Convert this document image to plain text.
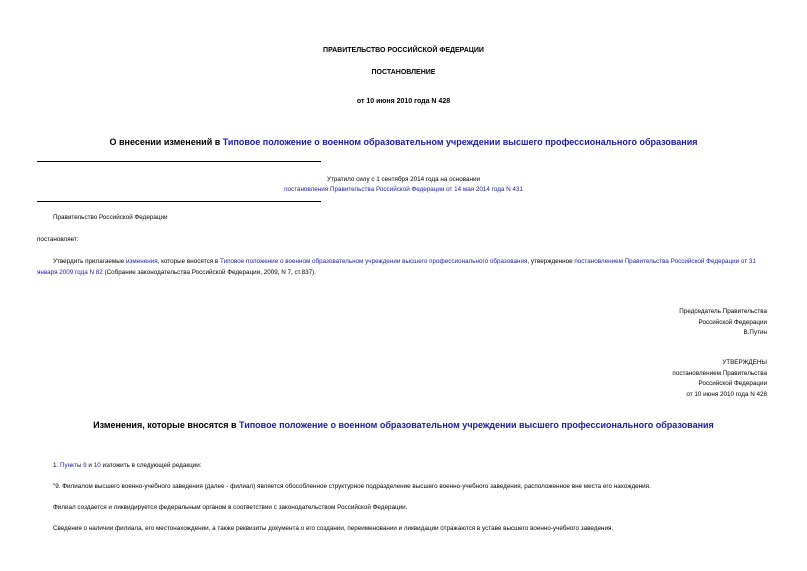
ПРАВИТЕЛЬСТВО РОССИЙСКОЙ ФЕДЕРАЦИИ
ПОСТАНОВЛЕНИЕ
от 10 июня 2010 года N 428
О внесении изменений в Типовое положение о военном образовательном учреждении высшего профессионального образования
Утратило силу с 1 сентября 2014 года на основании
постановления Правительства Российской Федерации от 14 мая 2014 года N 431
Правительство Российской Федерации
постановляет:
Утвердить прилагаемые изменения, которые вносятся в Типовое положение о военном образовательном учреждении высшего профессионального образования, утвержденное постановлением Правительства Российской Федерации от 31 января 2009 года N 82 (Собрание законодательства Российской Федерации, 2009, N 7, ст.837).
Председатель Правительства
Российской Федерации
В.Путин
УТВЕРЖДЕНЫ
постановлением Правительства
Российской Федерации
от 10 июня 2010 года N 428
Изменения, которые вносятся в Типовое положение о военном образовательном учреждении высшего профессионального образования
1. Пункты 9 и 10 изложить в следующей редакции:
"9. Филиалом высшего военно-учебного заведения (далее - филиал) является обособленное структурное подразделение высшего военно-учебного заведения, расположенное вне места его нахождения.
Филиал создается и ликвидируется федеральным органом в соответствии с законодательством Российской Федерации.
Сведения о наличии филиала, его местонахождении, а также реквизиты документа о его создании, переименовании и ликвидации отражаются в уставе высшего военно-учебного заведения.
